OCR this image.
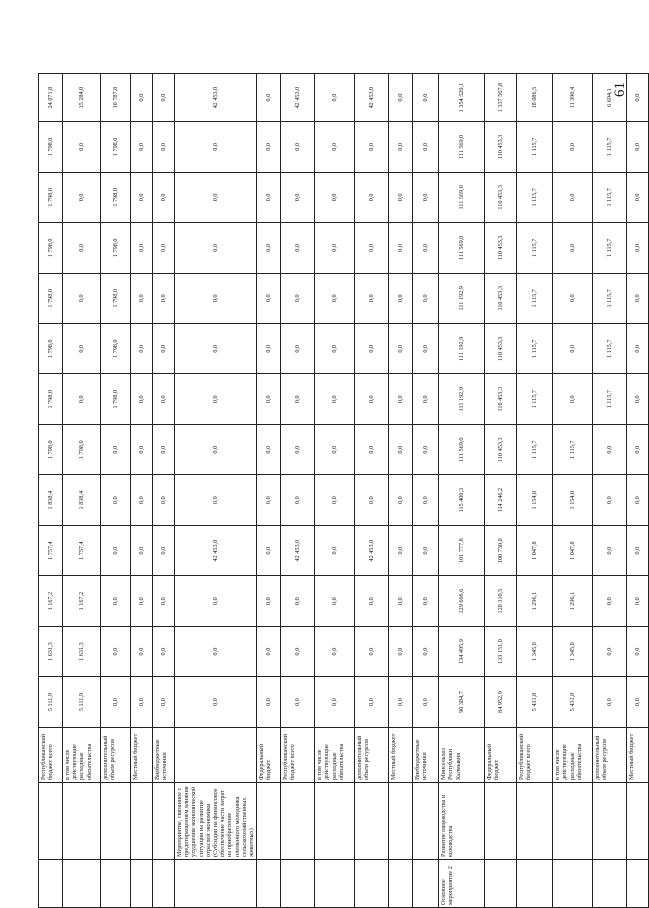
		Республиканский бюджет всего	5 111,9	1 631,3	1 167,2	1 757,4	1 838,4	1 798,0	1 798,0	1 798,0	1 798,0	1 798,0	1 798,0	1 798,0	24 071,8
		в том числе действующие расходные обязательства	5 111,9	1 631,3	1 167,2	1 757,4	1 838,4	1 798,0	0,0	0,0	0,0	0,0	0,0	0,0	15 284,0
		дополнительный объем ресурсов	0,0	0,0	0,0	0,0	0,0	0,0	1 798,0	1 798,0	1 798,0	1 798,0	1 798,0	1 798,0	10 787,8
		Местный бюджет	0,0	0,0	0,0	0,0	0,0	0,0	0,0	0,0	0,0	0,0	0,0	0,0	0,0
		Внебюджетные источники	0,0	0,0	0,0	0,0	0,0	0,0	0,0	0,0	0,0	0,0	0,0	0,0	0,0
	Мероприятие, связанное с предотвращением влияния ухудшения экономической ситуации на развитие отраслей экономики (Субсидии на финансовое обеспечение части затрат на приобретение племенного молодняка сельскохозяйственных животных)		0,0	0,0	0,0	42 453,0	0,0	0,0	0,0	0,0	0,0	0,0	0,0	0,0	42 453,0
		Федеральный бюджет	0,0	0,0	0,0	0,0	0,0	0,0	0,0	0,0	0,0	0,0	0,0	0,0	0,0
		Республиканский бюджет всего	0,0	0,0	0,0	42 453,0	0,0	0,0	0,0	0,0	0,0	0,0	0,0	0,0	42 453,0
		в том числе действующие расходные обязательства	0,0	0,0	0,0	0,0	0,0	0,0	0,0	0,0	0,0	0,0	0,0	0,0	0,0
		дополнительный объем ресурсов	0,0	0,0	0,0	42 453,0	0,0	0,0	0,0	0,0	0,0	0,0	0,0	0,0	42 453,0
		Местный бюджет	0,0	0,0	0,0	0,0	0,0	0,0	0,0	0,0	0,0	0,0	0,0	0,0	0,0
		Внебюджетные источники	0,0	0,0	0,0	0,0	0,0	0,0	0,0	0,0	0,0	0,0	0,0	0,0	0,0
Основное мероприятие 2	Развитие овцеводства и козоводства	Минсельхоз Республики Калмыкия	90 384,7	134 495,9	129 606,6	101 777,8	115 400,3	111 569,0	111 192,9	111 192,9	111 192,9	111 569,0	111 569,0	111 569,0	1 354 520,1
		Федеральный бюджет	84 952,9	133 151,0	128 310,5	100 730,0	114 246,2	110 453,3	110 453,3	110 453,3	110 453,3	110 453,3	110 453,3	110 453,3	1 337 567,8
		Республиканский бюджет всего	5 431,8	1 345,0	1 296,1	1 047,8	1 154,0	1 115,7	1 115,7	1 115,7	1 115,7	1 115,7	1 115,7	1 115,7	18 086,5
		в том числе действующие расходные обязательства	5 431,8	1 345,0	1 296,1	1 047,8	1 154,0	1 115,7	0,0	0,0	0,0	0,0	0,0	0,0	11 390,4
		дополнительный объем ресурсов	0,0	0,0	0,0	0,0	0,0	0,0	1 115,7	1 115,7	1 115,7	1 115,7	1 115,7	1 115,7	6 694,1
		Местный бюджет	0,0	0,0	0,0	0,0	0,0	0,0	0,0	0,0	0,0	0,0	0,0	0,0	0,0
61
